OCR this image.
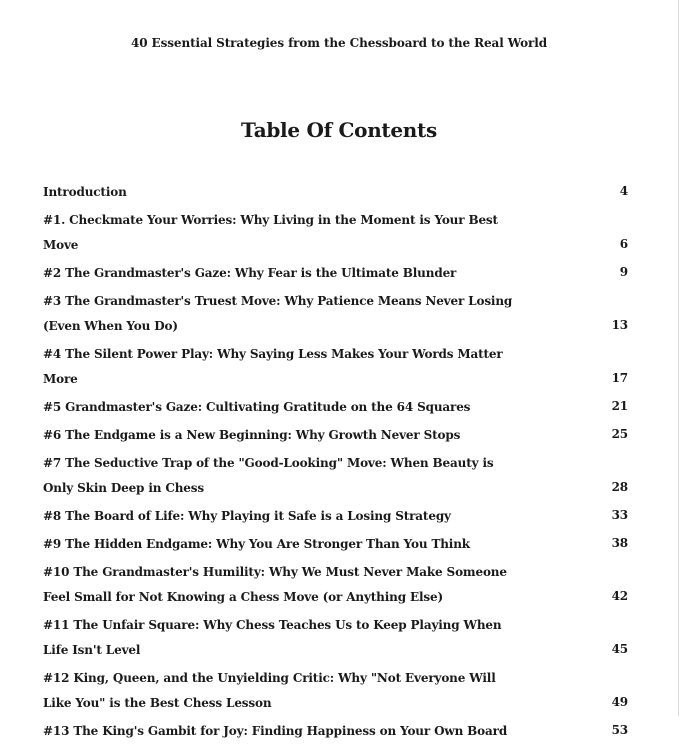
40 Essential Strategies from the Chessboard to the Real World
Table Of Contents
Introduction	4
#1. Checkmate Your Worries: Why Living in the Moment is Your Best Move	6
#2 The Grandmaster's Gaze: Why Fear is the Ultimate Blunder	9
#3 The Grandmaster's Truest Move: Why Patience Means Never Losing (Even When You Do)	13
#4 The Silent Power Play: Why Saying Less Makes Your Words Matter More	17
#5 Grandmaster's Gaze: Cultivating Gratitude on the 64 Squares	21
#6 The Endgame is a New Beginning: Why Growth Never Stops	25
#7 The Seductive Trap of the "Good-Looking" Move: When Beauty is Only Skin Deep in Chess	28
#8 The Board of Life: Why Playing it Safe is a Losing Strategy	33
#9 The Hidden Endgame: Why You Are Stronger Than You Think	38
#10 The Grandmaster's Humility: Why We Must Never Make Someone Feel Small for Not Knowing a Chess Move (or Anything Else)	42
#11 The Unfair Square: Why Chess Teaches Us to Keep Playing When Life Isn't Level	45
#12 King, Queen, and the Unyielding Critic: Why "Not Everyone Will Like You" is the Best Chess Lesson	49
#13 The King's Gambit for Joy: Finding Happiness on Your Own Board	53
